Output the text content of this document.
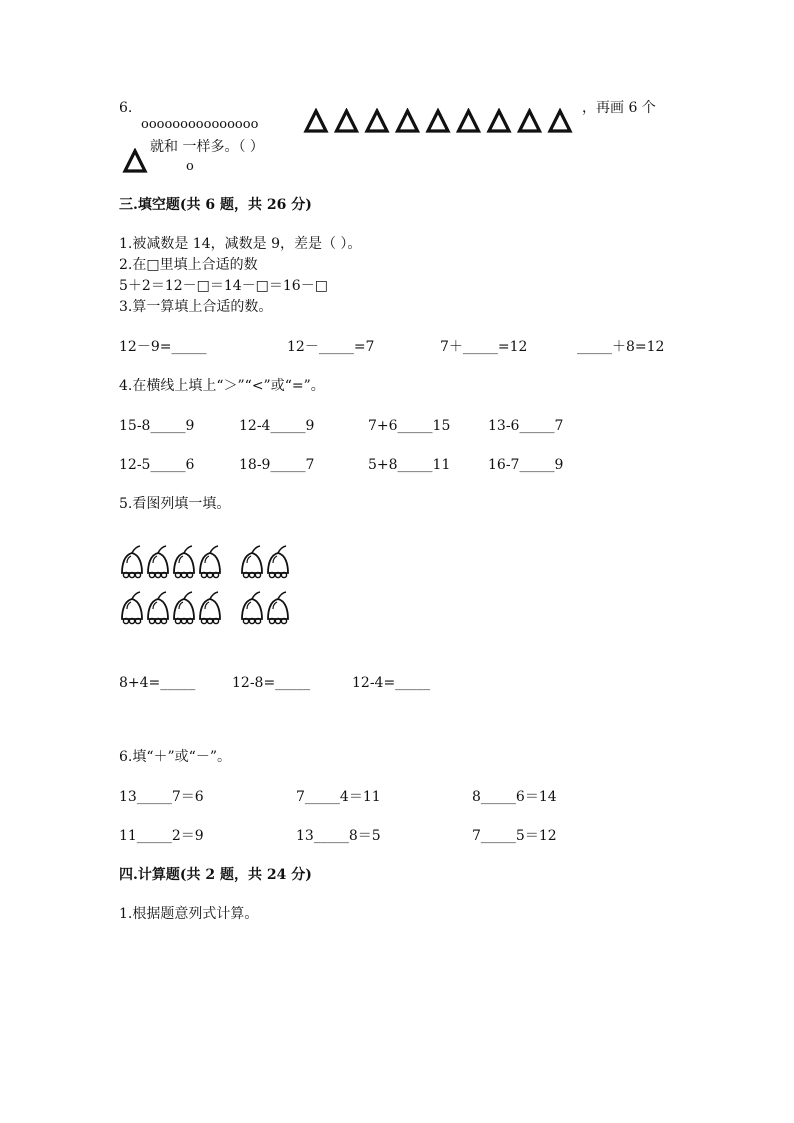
6.
ooooooooooooooo
，再画 6 个
就和 一样多。（ ）
o
三.填空题(共 6 题，共 26 分)
1.被减数是 14，减数是 9，差是（ ）。
2.在□里填上合适的数
5＋2＝12－□＝14－□＝16－□
3.算一算填上合适的数。
12－9=_____	12－_____=7	7＋_____=12	_____＋8=12
4.在横线上填上“＞”“<”或“=”。
15-8_____9	12-4_____9	7+6_____15	13-6_____7
12-5_____6	18-9_____7	5+8_____11	16-7_____9
5.看图列填一填。
8+4=_____	12-8=_____	12-4=_____
6.填“＋”或“－”。
13_____7＝6	7_____4＝11	8_____6＝14
11_____2＝9	13_____8＝5	7_____5＝12
四.计算题(共 2 题，共 24 分)
1.根据题意列式计算。
